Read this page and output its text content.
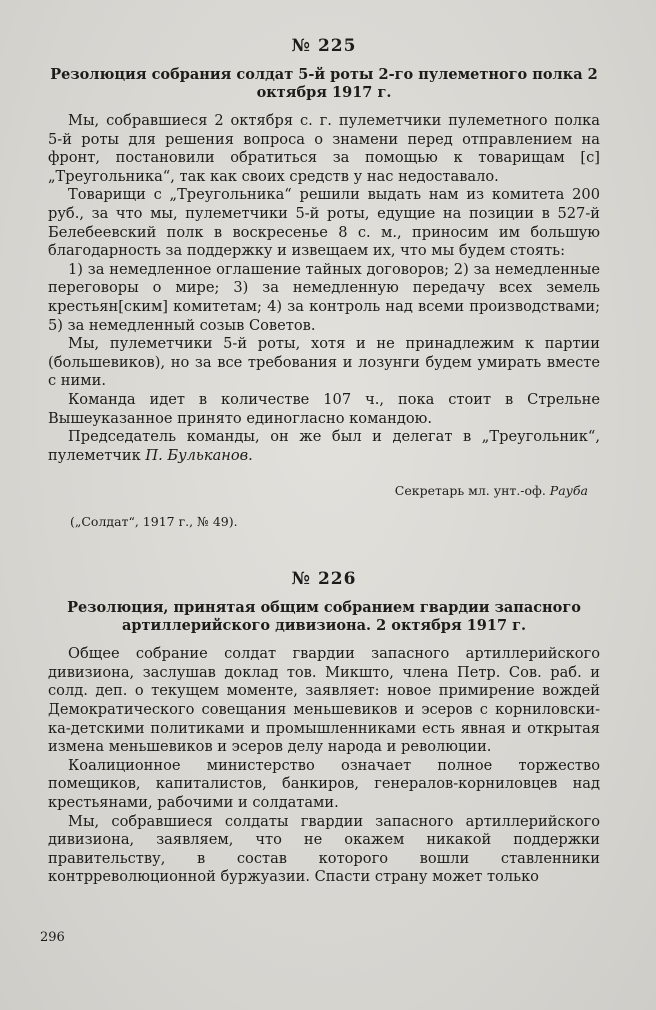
№ 225
Резолюция собрания солдат 5-й роты 2-го пулеметного полка 2 октября 1917 г.

Мы, собравшиеся 2 октября с. г. пулеметчики пулеметного полка 5-й роты для решения вопроса о знамени перед отправлением на фронт, постановили обратиться за помощью к товарищам [с] „Треугольника“, так как своих средств у нас недоставало.

Товарищи с „Треугольника“ решили выдать нам из комитета 200 руб., за что мы, пулеметчики 5-й роты, едущие на позиции в 527-й Белебеевский полк в воскресенье 8 с. м., приносим им большую благодарность за поддержку и извещаем их, что мы будем стоять:

1) за немедленное оглашение тайных договоров; 2) за немедленные переговоры о мире; 3) за немедленную передачу всех земель крестьян[ским] комитетам; 4) за контроль над всеми производствами; 5) за немедленный созыв Советов.

Мы, пулеметчики 5-й роты, хотя и не принадлежим к партии (большевиков), но за все требования и лозунги будем умирать вместе с ними.

Команда идет в количестве 107 ч., пока стоит в Стрельне Вышеуказанное принято единогласно командою.

Председатель команды, он же был и делегат в „Треугольник“, пулеметчик П. Бульканов.

Секретарь мл. унт.-оф. Рауба
(„Солдат“, 1917 г., № 49).
№ 226
Резолюция, принятая общим собранием гвардии запасного артиллерийского дивизиона. 2 октября 1917 г.

Общее собрание солдат гвардии запасного артиллерийского дивизиона, заслушав доклад тов. Микшто, члена Петр. Сов. раб. и солд. деп. о текущем моменте, заявляет: новое примирение вождей Демократического совещания меньшевиков и эсеров с корниловски-ка-детскими политиками и промышленниками есть явная и открытая измена меньшевиков и эсеров делу народа и революции.

Коалиционное министерство означает полное торжество помещиков, капиталистов, банкиров, генералов-корниловцев над крестьянами, рабочими и солдатами.

Мы, собравшиеся солдаты гвардии запасного артиллерийского дивизиона, заявляем, что не окажем никакой поддержки правительству, в состав которого вошли ставленники контрреволюционной буржуазии. Спасти страну может только

296
